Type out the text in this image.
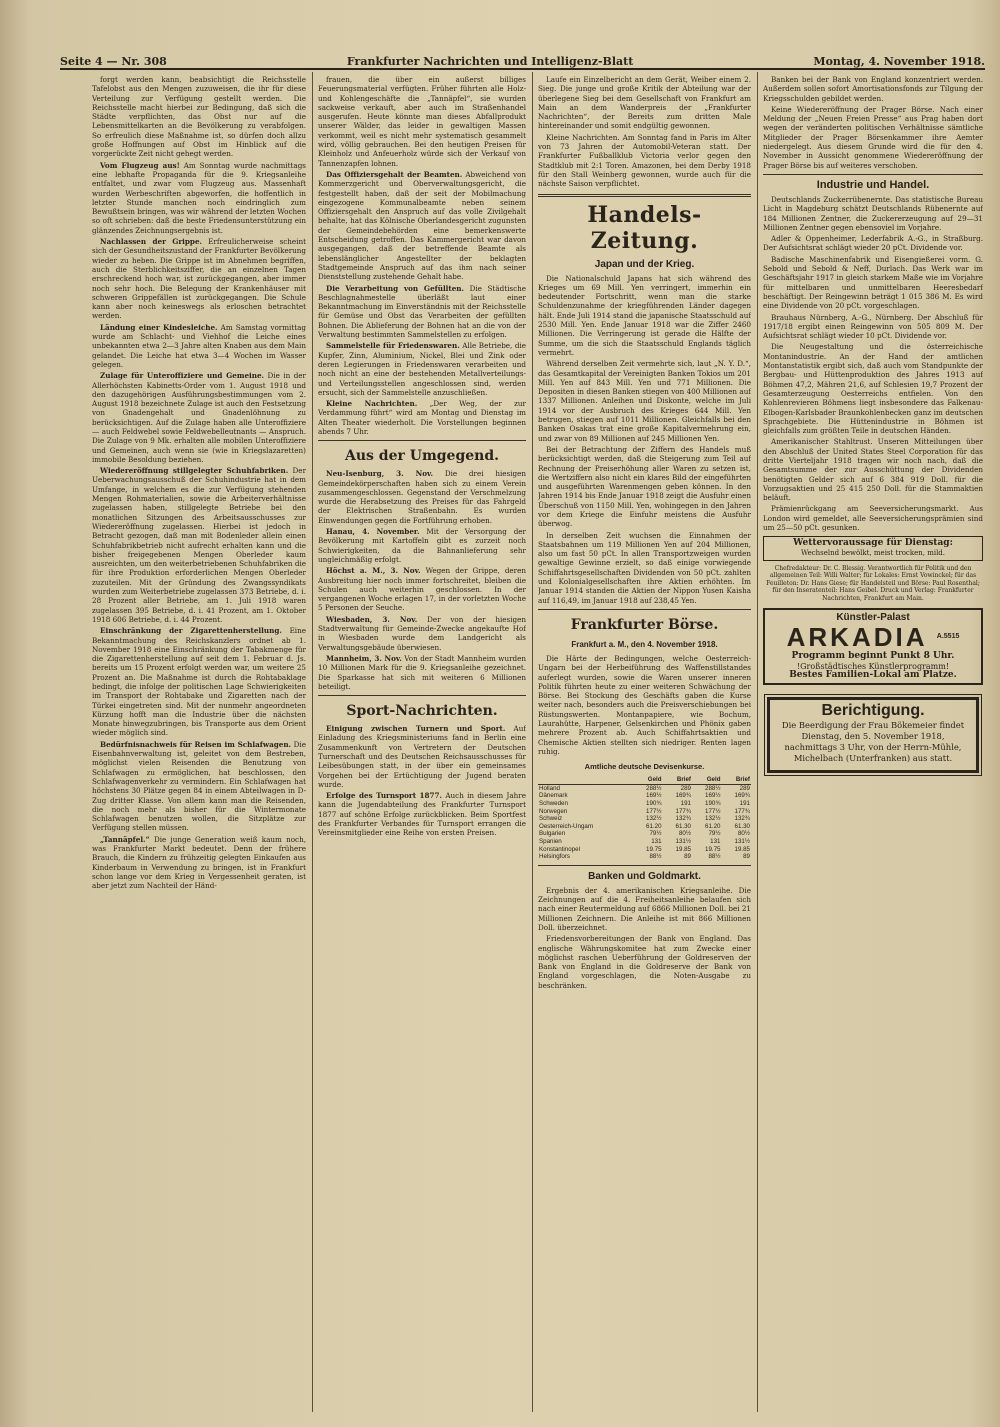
Seite 4 — Nr. 308	Frankfurter Nachrichten und Intelligenz-Blatt	Montag, 4. November 1918.

forgt werden kann, beabsichtigt die Reichsstelle Tafelobst aus den Mengen zuzuweisen, die ihr für diese Verteilung zur Verfügung gestellt werden. Die Reichsstelle macht hierbei zur Bedingung, daß sich die Städte verpflichten, das Obst nur auf die Lebensmittelkarten an die Bevölkerung zu verabfolgen. So erfreulich diese Maßnahme ist, so dürfen doch allzu große Hoffnungen auf Obst im Hinblick auf die vorgerückte Zeit nicht gehegt werden.

Vom Flugzeug aus! Am Sonntag wurde nachmittags eine lebhafte Propaganda für die 9. Kriegsanleihe entfaltet, und zwar vom Flugzeug aus. Massenhaft wurden Werbeschriften abgeworfen, die hoffentlich in letzter Stunde manchen noch eindringlich zum Bewußtsein bringen, was wir während der letzten Wochen so oft schrieben: daß die beste Friedensunterstützung ein glänzendes Zeichnungsergebnis ist.

Nachlassen der Grippe. Erfreulicherweise scheint sich der Gesundheitszustand der Frankfurter Bevölkerung wieder zu heben. Die Grippe ist im Abnehmen begriffen, auch die Sterblichkeitsziffer, die an einzelnen Tagen erschreckend hoch war, ist zurückgegangen, aber immer noch sehr hoch. Die Belegung der Krankenhäuser mit schweren Grippefällen ist zurückgegangen. Die Schule kann aber noch keineswegs als erloschen betrachtet werden.

Ländung einer Kindesleiche. Am Samstag vormittag wurde am Schlacht- und Viehhof die Leiche eines unbekannten etwa 2—3 Jahre alten Knaben aus dem Main gelandet. Die Leiche hat etwa 3—4 Wochen im Wasser gelegen.

Zulage für Unteroffiziere und Gemeine. Die in der Allerhöchsten Kabinetts-Order vom 1. August 1918 und den dazugehörigen Ausführungsbestimmungen vom 2. August 1918 bezeichnete Zulage ist auch den Festsetzung von Gnadengehalt und Gnadenlöhnung zu berücksichtigen. Auf die Zulage haben alle Unteroffiziere — auch Feldwebel sowie Feldwebelleutnants — Anspruch. Die Zulage von 9 Mk. erhalten alle mobilen Unteroffiziere und Gemeinen, auch wenn sie (wie in Kriegslazaretten) immobile Besoldung beziehen.

Wiedereröffnung stillgelegter Schuhfabriken. Der Ueberwachungsausschuß der Schuhindustrie hat in dem Umfange, in welchem es die zur Verfügung stehenden Mengen Rohmaterialien, sowie die Arbeiterverhältnisse zugelassen haben, stillgelegte Betriebe bei den monatlichen Sitzungen des Arbeitsausschusses zur Wiedereröffnung zugelassen. Hierbei ist jedoch in Betracht gezogen, daß man mit Bodenleder allein einen Schuhfabrikbetrieb nicht aufrecht erhalten kann und die bisher freigegebenen Mengen Oberleder kaum ausreichten, um den weiterbetriebenen Schuhfabriken die für ihre Produktion erforderlichen Mengen Oberleder zuzuteilen. Mit der Gründung des Zwangssyndikats wurden zum Weiterbetriebe zugelassen 373 Betriebe, d. i. 28 Prozent aller Betriebe, am 1. Juli 1918 waren zugelassen 395 Betriebe, d. i. 41 Prozent, am 1. Oktober 1918 606 Betriebe, d. i. 44 Prozent.

Einschränkung der Zigarettenherstellung. Eine Bekanntmachung des Reichskanzlers ordnet ab 1. November 1918 eine Einschränkung der Tabakmenge für die Zigarettenherstellung auf seit dem 1. Februar d. Js. bereits um 15 Prozent erfolgt werden war, um weitere 25 Prozent an. Die Maßnahme ist durch die Rohtabaklage bedingt, die infolge der politischen Lage Schwierigkeiten im Transport der Rohtabake und Zigaretten nach der Türkei eingetreten sind. Mit der nunmehr angeordneten Kürzung hofft man die Industrie über die nächsten Monate hinwegzubringen, bis Transporte aus dem Orient wieder möglich sind.

Bedürfnisnachweis für Reisen im Schlafwagen. Die Eisenbahnverwaltung ist, geleitet von dem Bestreben, möglichst vielen Reisenden die Benutzung von Schlafwagen zu ermöglichen, hat beschlossen, den Schlafwagenverkehr zu vermindern. Ein Schlafwagen hat höchstens 30 Plätze gegen 84 in einem Abteilwagen in D-Zug dritter Klasse. Von allem kann man die Reisenden, die noch mehr als bisher für die Wintermonate Schlafwagen benutzen wollen, die Sitzplätze zur Verfügung stellen müssen.

„Tannäpfel.“ Die junge Generation weiß kaum noch, was Frankfurter Markt bedeutet. Denn der frühere Brauch, die Kindern zu frühzeitig gelegten Einkaufen aus Kinderbaum in Verwendung zu bringen, ist in Frankfurt schon lange vor dem Krieg in Vergessenheit geraten, ist aber jetzt zum Nachteil der Händ-

frauen, die über ein außerst billiges Feuerungsmaterial verfügten. Früher führten alle Holz- und Kohlengeschäfte die „Tannäpfel“, sie wurden sackweise verkauft, aber auch im Straßenhandel ausgerufen. Heute könnte man dieses Abfallprodukt unserer Wälder, das leider in gewaltigen Massen verkommt, weil es nicht mehr systematisch gesammelt wird, völlig gebrauchen. Bei den heutigen Preisen für Kleinholz und Anfeuerholz würde sich der Verkauf von Tannenzapfen lohnen.

Das Offiziersgehalt der Beamten. Abweichend von Kommerzgericht und Oberverwaltungsgericht, die festgestellt haben, daß der seit der Mobilmachung eingezogene Kommunalbeamte neben seinem Offiziersgehalt den Anspruch auf das volle Zivilgehalt behalte, hat das Kölnische Oberlandesgericht zugunsten der Gemeindebehörden eine bemerkenswerte Entscheidung getroffen. Das Kammergericht war davon ausgegangen, daß der betreffende Beamte als lebenslänglicher Angestellter der beklagten Stadtgemeinde Anspruch auf das ihm nach seiner Dienststellung zustehende Gehalt habe.

Die Verarbeitung von Gefüllten. Die Städtische Beschlagnahmestelle überläßt laut einer Bekanntmachung im Einverständnis mit der Reichsstelle für Gemüse und Obst das Verarbeiten der gefüllten Bohnen. Die Ablieferung der Bohnen hat an die von der Verwaltung bestimmten Sammelstellen zu erfolgen.

Sammelstelle für Friedenswaren. Alle Betriebe, die Kupfer, Zinn, Aluminium, Nickel, Blei und Zink oder deren Legierungen in Friedenswaren verarbeiten und noch nicht an eine der bestehenden Metallverteilungs- und Verteilungsstellen angeschlossen sind, werden ersucht, sich der Sammelstelle anzuschließen.

Kleine Nachrichten. „Der Weg, der zur Verdammung führt“ wird am Montag und Dienstag im Alten Theater wiederholt. Die Vorstellungen beginnen abends 7 Uhr.

Aus der Umgegend.

Neu-Isenburg, 3. Nov. Die drei hiesigen Gemeindekörperschaften haben sich zu einem Verein zusammengeschlossen. Gegenstand der Verschmelzung wurde die Herabsetzung des Preises für das Fahrgeld der Elektrischen Straßenbahn. Es wurden Einwendungen gegen die Fortführung erhoben.

Hanau, 4. November. Mit der Versorgung der Bevölkerung mit Kartoffeln gibt es zurzeit noch Schwierigkeiten, da die Bahnanlieferung sehr ungleichmäßig erfolgt.

Höchst a. M., 3. Nov. Wegen der Grippe, deren Ausbreitung hier noch immer fortschreitet, bleiben die Schulen auch weiterhin geschlossen. In der vergangenen Woche erlagen 17, in der vorletzten Woche 5 Personen der Seuche.

Wiesbaden, 3. Nov. Der von der hiesigen Stadtverwaltung für Gemeinde-Zwecke angekaufte Hof in Wiesbaden wurde dem Landgericht als Verwaltungsgebäude überwiesen.

Mannheim, 3. Nov. Von der Stadt Mannheim wurden 10 Millionen Mark für die 9. Kriegsanleihe gezeichnet. Die Sparkasse hat sich mit weiteren 6 Millionen beteiligt.

Sport-Nachrichten.

Einigung zwischen Turnern und Sport. Auf Einladung des Kriegsministeriums fand in Berlin eine Zusammenkunft von Vertretern der Deutschen Turnerschaft und des Deutschen Reichsausschusses für Leibesübungen statt, in der über ein gemeinsames Vorgehen bei der Ertüchtigung der Jugend beraten wurde.

Erfolge des Turnsport 1877. Auch in diesem Jahre kann die Jugendabteilung des Frankfurter Turnsport 1877 auf schöne Erfolge zurückblicken. Beim Sportfest des Frankfurter Verbandes für Turnsport errangen die Vereinsmitglieder eine Reihe von ersten Preisen.

Laufe ein Einzelbericht an dem Gerät, Weiber einem 2. Sieg. Die junge und große Kritik der Abteilung war der überlegene Sieg bei dem Gesellschaft von Frankfurt am Main an dem Wanderpreis der „Frankfurter Nachrichten“, der Bereits zum dritten Male hintereinander und somit endgültig gewonnen.

Kleine Nachrichten. Am Sonntag fand in Paris im Alter von 73 Jahren der Automobil-Veteran statt. Der Frankfurter Fußballklub Victoria verlor gegen den Stadtklub mit 2:1 Toren. Amazonen, bei dem Derby 1918 für den Stall Weinberg gewonnen, wurde auch für die nächste Saison verpflichtet.

Handels-Zeitung.
Japan und der Krieg.

Die Nationalschuld Japans hat sich während des Krieges um 69 Mill. Yen verringert, immerhin ein bedeutender Fortschritt, wenn man die starke Schuldenzunahme der kriegführenden Länder dagegen hält. Ende Juli 1914 stand die japanische Staatsschuld auf 2530 Mill. Yen. Ende Januar 1918 war die Ziffer 2460 Millionen. Die Verringerung ist gerade die Hälfte der Summe, um die sich die Staatsschuld Englands täglich vermehrt.

Während derselben Zeit vermehrte sich, laut „N. Y. D.“, das Gesamtkapital der Vereinigten Banken Tokios um 201 Mill. Yen auf 843 Mill. Yen und 771 Millionen. Die Depositen in diesen Banken stiegen von 400 Millionen auf 1337 Millionen. Anleihen und Diskonte, welche im Juli 1914 vor der Ausbruch des Krieges 644 Mill. Yen betrugen, stiegen auf 1011 Millionen. Gleichfalls bei den Banken Osakas trat eine große Kapitalvermehrung ein, und zwar von 89 Millionen auf 245 Millionen Yen.

Bei der Betrachtung der Ziffern des Handels muß berücksichtigt werden, daß die Steigerung zum Teil auf Rechnung der Preiserhöhung aller Waren zu setzen ist, die Wertziffern also nicht ein klares Bild der eingeführten und ausgeführten Warenmengen geben können. In den Jahren 1914 bis Ende Januar 1918 zeigt die Ausfuhr einen Überschuß von 1150 Mill. Yen, wohingegen in den Jahren vor dem Kriege die Einfuhr meistens die Ausfuhr überwog.

In derselben Zeit wuchsen die Einnahmen der Staatsbahnen um 119 Millionen Yen auf 204 Millionen, also um fast 50 pCt. In allen Transportzweigen wurden gewaltige Gewinne erzielt, so daß einige vorwiegende Schiffahrtsgesellschaften Dividenden von 50 pCt. zahlten und Kolonialgesellschaften ihre Aktien erhöhten. Im Januar 1914 standen die Aktien der Nippon Yusen Kaisha auf 116,49, im Januar 1918 auf 238,45 Yen.

Frankfurter Börse.
Frankfurt a. M., den 4. November 1918.

Die Härte der Bedingungen, welche Oesterreich-Ungarn bei der Herbeiführung des Waffenstillstandes auferlegt wurden, sowie die Waren unserer inneren Politik führten heute zu einer weiteren Schwächung der Börse. Bei Stockung des Geschäfts gaben die Kurse weiter nach, besonders auch die Preisverschiebungen bei Rüstungswerten. Montanpapiere, wie Bochum, Laurahütte, Harpener, Gelsenkirchen und Phönix gaben mehrere Prozent ab. Auch Schiffahrtsaktien und Chemische Aktien stellten sich niedriger. Renten lagen ruhig.

Amtliche deutsche Devisenkurse.
	Geld	Brief	Geld	Brief
Holland	288½	289	288½	289
Dänemark	169½	169¾	169½	169¾
Schweden	190¾	191	190¾	191
Norwegen	177½	177¾	177½	177¾
Schweiz	132½	132¾	132½	132¾
Oesterreich-Ungarn	61.20	61.30	61.20	61.30
Bulgarien	79½	80½	79½	80½
Spanien	131	131½	131	131½
Konstantinopel	19.75	19.85	19.75	19.85
Helsingfors	88½	89	88½	89
Banken und Goldmarkt.

Ergebnis der 4. amerikanischen Kriegsanleihe. Die Zeichnungen auf die 4. Freiheitsanleihe belaufen sich nach einer Reutermeldung auf 6866 Millionen Doll. bei 21 Millionen Zeichnern. Die Anleihe ist mit 866 Millionen Doll. überzeichnet.

Friedensvorbereitungen der Bank von England. Das englische Währungskomitee hat zum Zwecke einer möglichst raschen Ueberführung der Goldreserven der Bank von England in die Goldreserve der Bank von England vorgeschlagen, die Noten-Ausgabe zu beschränken.

Banken bei der Bank von England konzentriert werden. Außerdem sollen sofort Amortisationsfonds zur Tilgung der Kriegsschulden gebildet werden.

Keine Wiedereröffnung der Prager Börse. Nach einer Meldung der „Neuen Freien Presse“ aus Prag haben dort wegen der veränderten politischen Verhältnisse sämtliche Mitglieder der Prager Börsenkammer ihre Aemter niedergelegt. Aus diesem Grunde wird die für den 4. November in Aussicht genommene Wiedereröffnung der Prager Börse bis auf weiteres verschoben.

Industrie und Handel.

Deutschlands Zuckerrübenernte. Das statistische Bureau Licht in Magdeburg schätzt Deutschlands Rübenernte auf 184 Millionen Zentner, die Zuckererzeugung auf 29—31 Millionen Zentner gegen ebensoviel im Vorjahre.

Adler & Oppenheimer, Lederfabrik A.-G., in Straßburg. Der Aufsichtsrat schlägt wieder 20 pCt. Dividende vor.

Badische Maschinenfabrik und Eisengießerei vorm. G. Sebold und Sebold & Neff, Durlach. Das Werk war im Geschäftsjahr 1917 in gleich starkem Maße wie im Vorjahre für mittelbaren und unmittelbaren Heeresbedarf beschäftigt. Der Reingewinn beträgt 1 015 386 M. Es wird eine Dividende von 20 pCt. vorgeschlagen.

Brauhaus Nürnberg, A.-G., Nürnberg. Der Abschluß für 1917/18 ergibt einen Reingewinn von 505 809 M. Der Aufsichtsrat schlägt wieder 10 pCt. Dividende vor.

Die Neugestaltung und die österreichische Montanindustrie. An der Hand der amtlichen Montanstatistik ergibt sich, daß auch vom Standpunkte der Bergbau- und Hüttenproduktion des Jahres 1913 auf Böhmen 47,2, Mähren 21,6, auf Schlesien 19,7 Prozent der Gesamterzeugung Oesterreichs entfielen. Von den Kohlenrevieren Böhmens liegt insbesondere das Falkenau-Elbogen-Karlsbader Braunkohlenbecken ganz im deutschen Sprachgebiete. Die Hüttenindustrie in Böhmen ist gleichfalls zum größten Teile in deutschen Händen.

Amerikanischer Stahltrust. Unseren Mitteilungen über den Abschluß der United States Steel Corporation für das dritte Vierteljahr 1918 tragen wir noch nach, daß die Gesamtsumme der zur Ausschüttung der Dividenden benötigten Gelder sich auf 6 384 919 Doll. für die Vorzugsaktien und 25 415 250 Doll. für die Stammaktien beläuft.

Prämienrückgang am Seeversicherungsmarkt. Aus London wird gemeldet, alle Seeversicherungsprämien sind um 25—50 pCt. gesunken.

Wettervoraussage für Dienstag:
Wechselnd bewölkt, meist trocken, mild.
Chefredakteur: Dr. C. Blessig. Verantwortlich für Politik und den allgemeinen Teil: Willi Walter; für Lokales: Ernst Vowinckel; für das Feuilleton: Dr. Hans Giese; für Handelsteil und Börse: Paul Rosenthal; für den Inseratenteil: Hans Geibel. Druck und Verlag: Frankfurter Nachrichten, Frankfurt am Main.
Künstler-Palast
ARKADIA $^{A.5515}$
Programm beginnt Punkt 8 Uhr.
!Großstädtisches Künstlerprogramm!
Bestes Familien-Lokal am Platze.
Berichtigung.
Die Beerdigung der Frau Bökemeier findet Dienstag, den 5. November 1918, nachmittags 3 Uhr, von der Herrn-Mühle, Michelbach (Unterfranken) aus statt.
